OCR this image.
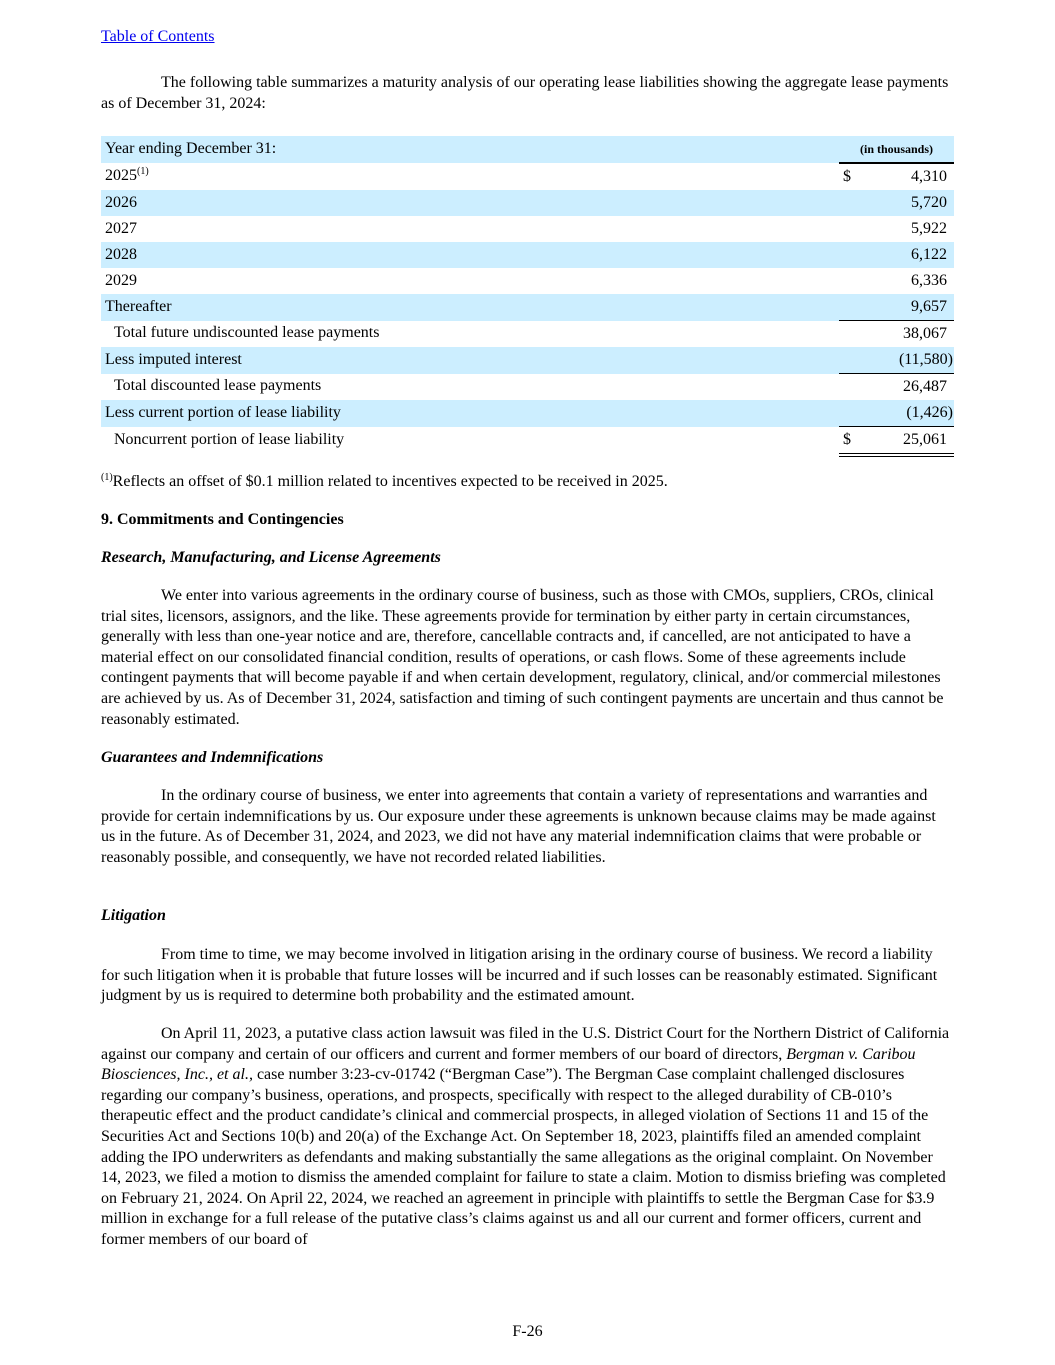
Table of Contents

The following table summarizes a maturity analysis of our operating lease liabilities showing the aggregate lease payments as of December 31, 2024:

Year ending December 31:		(in thousands)	
2025$^{(1)}$		$	4,310
2026			5,720
2027			5,922
2028			6,122
2029			6,336
Thereafter			9,657
Total future undiscounted lease payments			38,067
Less imputed interest			(11,580)
Total discounted lease payments			26,487
Less current portion of lease liability			(1,426)
Noncurrent portion of lease liability		$	25,061
$^{(1)}$Reflects an offset of $0.1 million related to incentives expected to be received in 2025.

9. Commitments and Contingencies

Research, Manufacturing, and License Agreements

We enter into various agreements in the ordinary course of business, such as those with CMOs, suppliers, CROs, clinical trial sites, licensors, assignors, and the like. These agreements provide for termination by either party in certain circumstances, generally with less than one-year notice and are, therefore, cancellable contracts and, if cancelled, are not anticipated to have a material effect on our consolidated financial condition, results of operations, or cash flows. Some of these agreements include contingent payments that will become payable if and when certain development, regulatory, clinical, and/or commercial milestones are achieved by us. As of December 31, 2024, satisfaction and timing of such contingent payments are uncertain and thus cannot be reasonably estimated.

Guarantees and Indemnifications

In the ordinary course of business, we enter into agreements that contain a variety of representations and warranties and provide for certain indemnifications by us. Our exposure under these agreements is unknown because claims may be made against us in the future. As of December 31, 2024, and 2023, we did not have any material indemnification claims that were probable or reasonably possible, and consequently, we have not recorded related liabilities.

Litigation

From time to time, we may become involved in litigation arising in the ordinary course of business. We record a liability for such litigation when it is probable that future losses will be incurred and if such losses can be reasonably estimated. Significant judgment by us is required to determine both probability and the estimated amount.

On April 11, 2023, a putative class action lawsuit was filed in the U.S. District Court for the Northern District of California against our company and certain of our officers and current and former members of our board of directors, Bergman v. Caribou Biosciences, Inc., et al., case number 3:23-cv-01742 (“Bergman Case”). The Bergman Case complaint challenged disclosures regarding our company’s business, operations, and prospects, specifically with respect to the alleged durability of CB-010’s therapeutic effect and the product candidate’s clinical and commercial prospects, in alleged violation of Sections 11 and 15 of the Securities Act and Sections 10(b) and 20(a) of the Exchange Act. On September 18, 2023, plaintiffs filed an amended complaint adding the IPO underwriters as defendants and making substantially the same allegations as the original complaint. On November 14, 2023, we filed a motion to dismiss the amended complaint for failure to state a claim. Motion to dismiss briefing was completed on February 21, 2024. On April 22, 2024, we reached an agreement in principle with plaintiffs to settle the Bergman Case for $3.9 million in exchange for a full release of the putative class’s claims against us and all our current and former officers, current and former members of our board of

F-26
